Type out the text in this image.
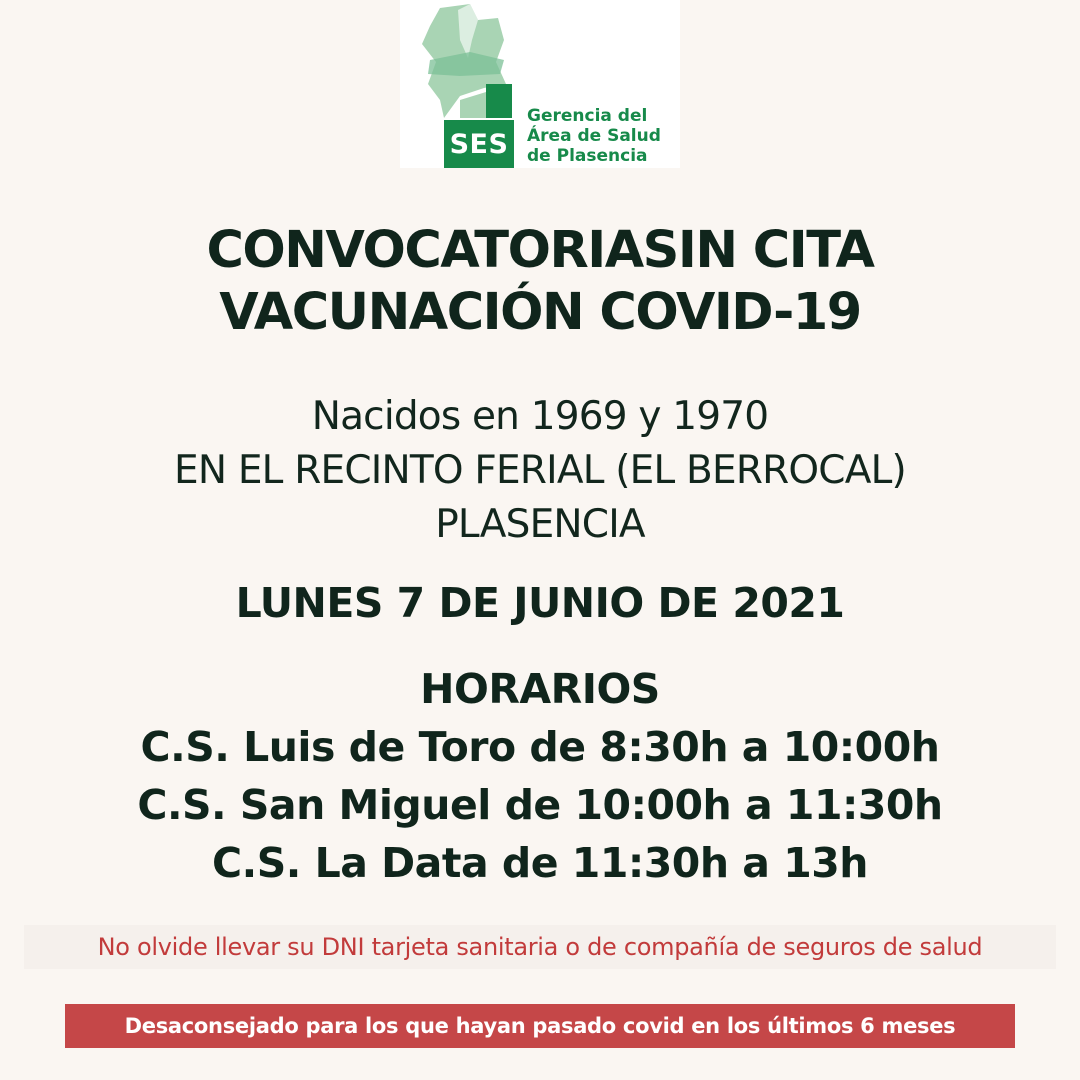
SES
Gerencia del
Área de Salud
de Plasencia
CONVOCATORIASIN CITA
VACUNACIÓN COVID-19
Nacidos en 1969 y 1970
EN EL RECINTO FERIAL (EL BERROCAL)
PLASENCIA
LUNES 7 DE JUNIO DE 2021
HORARIOS
C.S. Luis de Toro de 8:30h a 10:00h
C.S. San Miguel de 10:00h a 11:30h
C.S. La Data de 11:30h a 13h
No olvide llevar su DNI tarjeta sanitaria o de compañía de seguros de salud
Desaconsejado para los que hayan pasado covid en los últimos 6 meses
